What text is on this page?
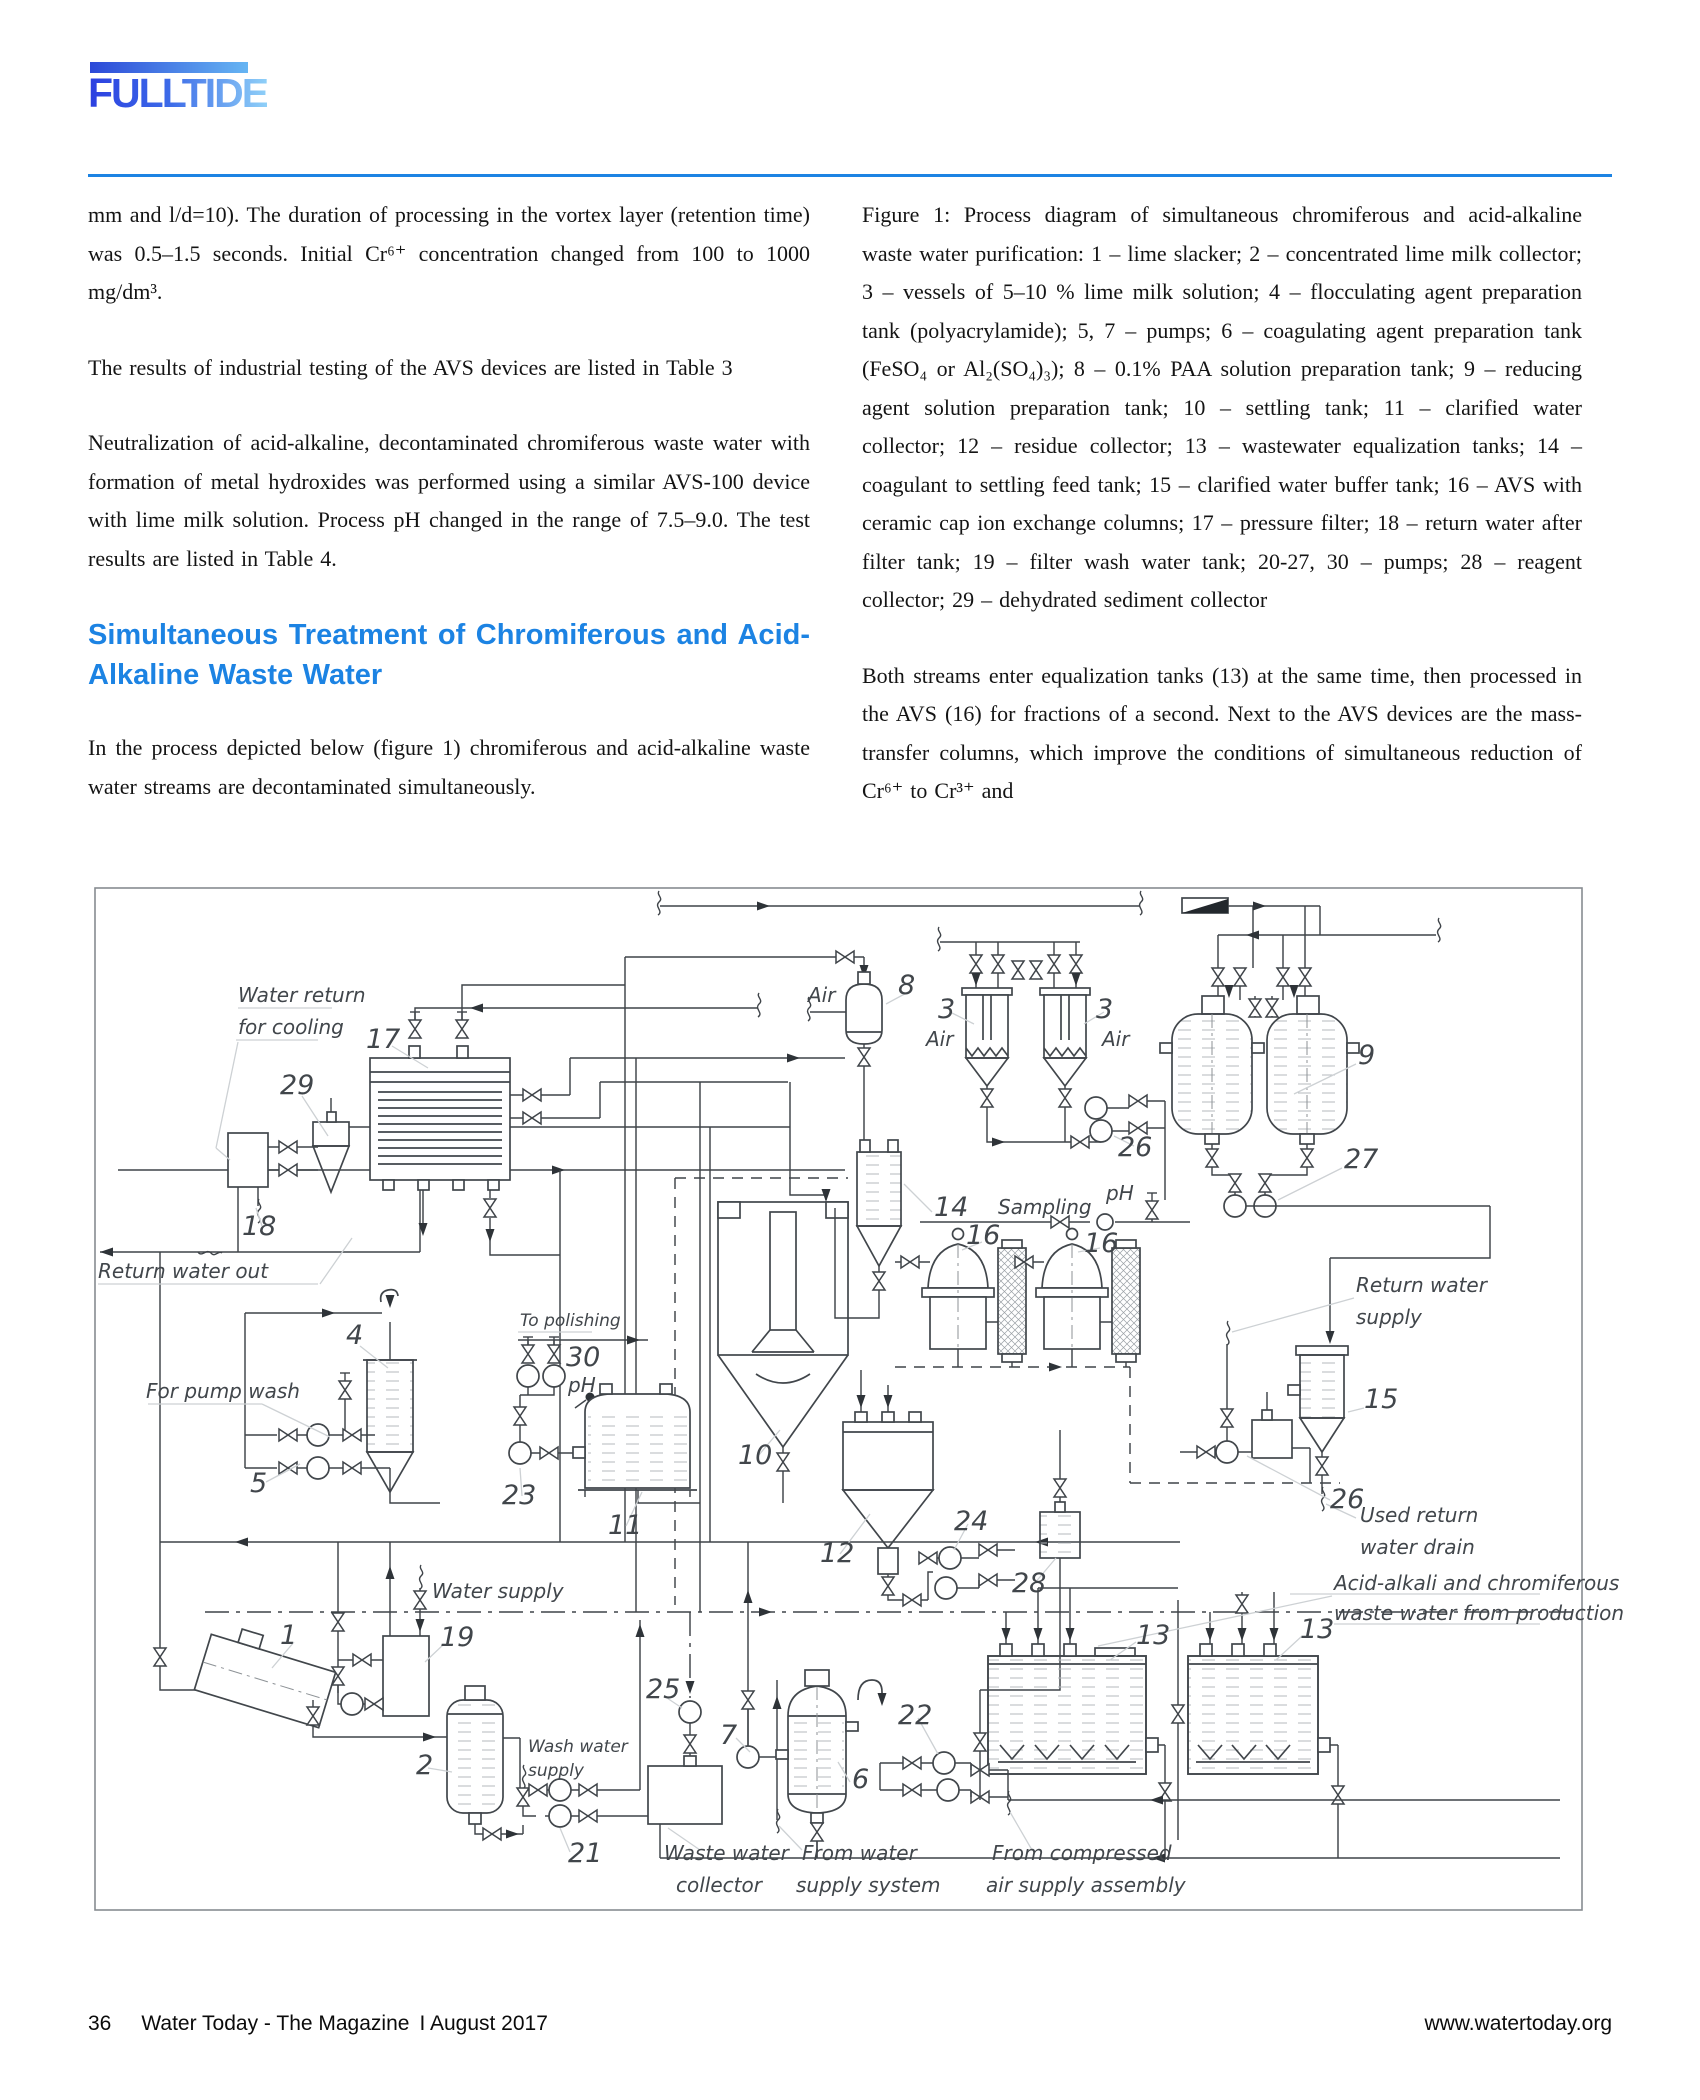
FULLTIDE

mm and l/d=10). The duration of processing in the vortex layer (retention time) was 0.5–1.5 seconds. Initial Cr⁶⁺ concentration changed from 100 to 1000 mg/dm³.

The results of industrial testing of the AVS devices are listed in Table 3

Neutralization of acid-alkaline, decontaminated chromiferous waste water with formation of metal hydroxides was performed using a similar AVS-100 device with lime milk solution. Process pH changed in the range of 7.5–9.0. The test results are listed in Table 4.

Simultaneous Treatment of Chromiferous and Acid-Alkaline Waste Water

In the process depicted below (figure 1) chromiferous and acid-alkaline waste water streams are decontaminated simultaneously.

Figure 1: Process diagram of simultaneous chromiferous and acid-alkaline waste water purification: 1 – lime slacker; 2 – concentrated lime milk collector; 3 – vessels of 5–10 % lime milk solution; 4 – flocculating agent preparation tank (polyacrylamide); 5, 7 – pumps; 6 – coagulating agent preparation tank (FeSO₄ or Al₂(SO₄)₃); 8 – 0.1% PAA solution preparation tank; 9 – reducing agent solution preparation tank; 10 – settling tank; 11 – clarified water collector; 12 – residue collector; 13 – wastewater equalization tanks; 14 – coagulant to settling feed tank; 15 – clarified water buffer tank; 16 – AVS with ceramic cap ion exchange columns; 17 – pressure filter; 18 – return water after filter tank; 19 – filter wash water tank; 20-27, 30 – pumps; 28 – reagent collector; 29 – dehydrated sediment collector

Both streams enter equalization tanks (13) at the same time, then processed in the AVS (16) for fractions of a second. Next to the AVS devices are the mass-transfer columns, which improve the conditions of simultaneous reduction of Cr⁶⁺ to Cr³⁺ and

Water return
for cooling 17
29
18
Return water out
4
For pump wash
5
To polishing
30
pH
23
11
10
Air 8
3
Air
3
Air
9
26	27
14 Sampling
pH
16	16
Return water
supply
15
26
Used return
water drain
12
24
28	Acid-alkali and chromiferous
waste water from production
13	13
1	19
Water supply
2
21
Wash water
supply
25
7
6
22
Waste water
collector
From water
supply system
From compressed
air supply assembly
36 Water Today - The Magazine I August 2017	www.watertoday.org
